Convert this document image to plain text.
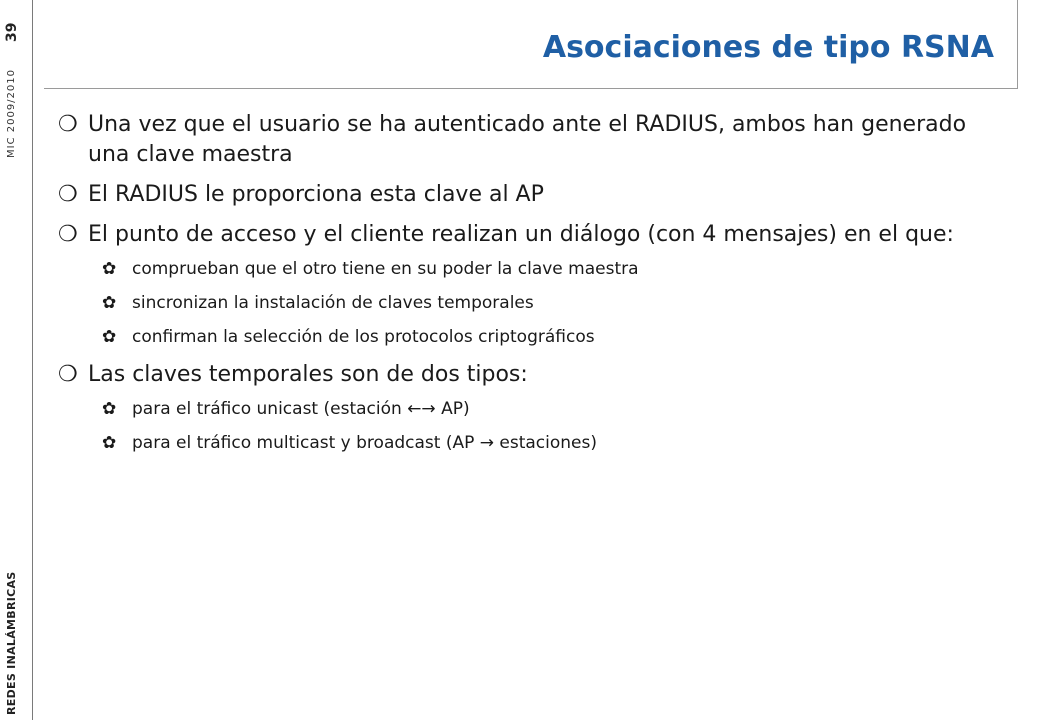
39
MIC 2009/2010
REDES INALÁMBRICAS
Asociaciones de tipo RSNA
❍ Una vez que el usuario se ha autenticado ante el RADIUS, ambos han generado una clave maestra
❍ El RADIUS le proporciona esta clave al AP
❍ El punto de acceso y el cliente realizan un diálogo (con 4 mensajes) en el que:
✿ comprueban que el otro tiene en su poder la clave maestra
✿ sincronizan la instalación de claves temporales
✿ confirman la selección de los protocolos criptográficos
❍ Las claves temporales son de dos tipos:
✿ para el tráfico unicast (estación ←→ AP)
✿ para el tráfico multicast y broadcast (AP → estaciones)
